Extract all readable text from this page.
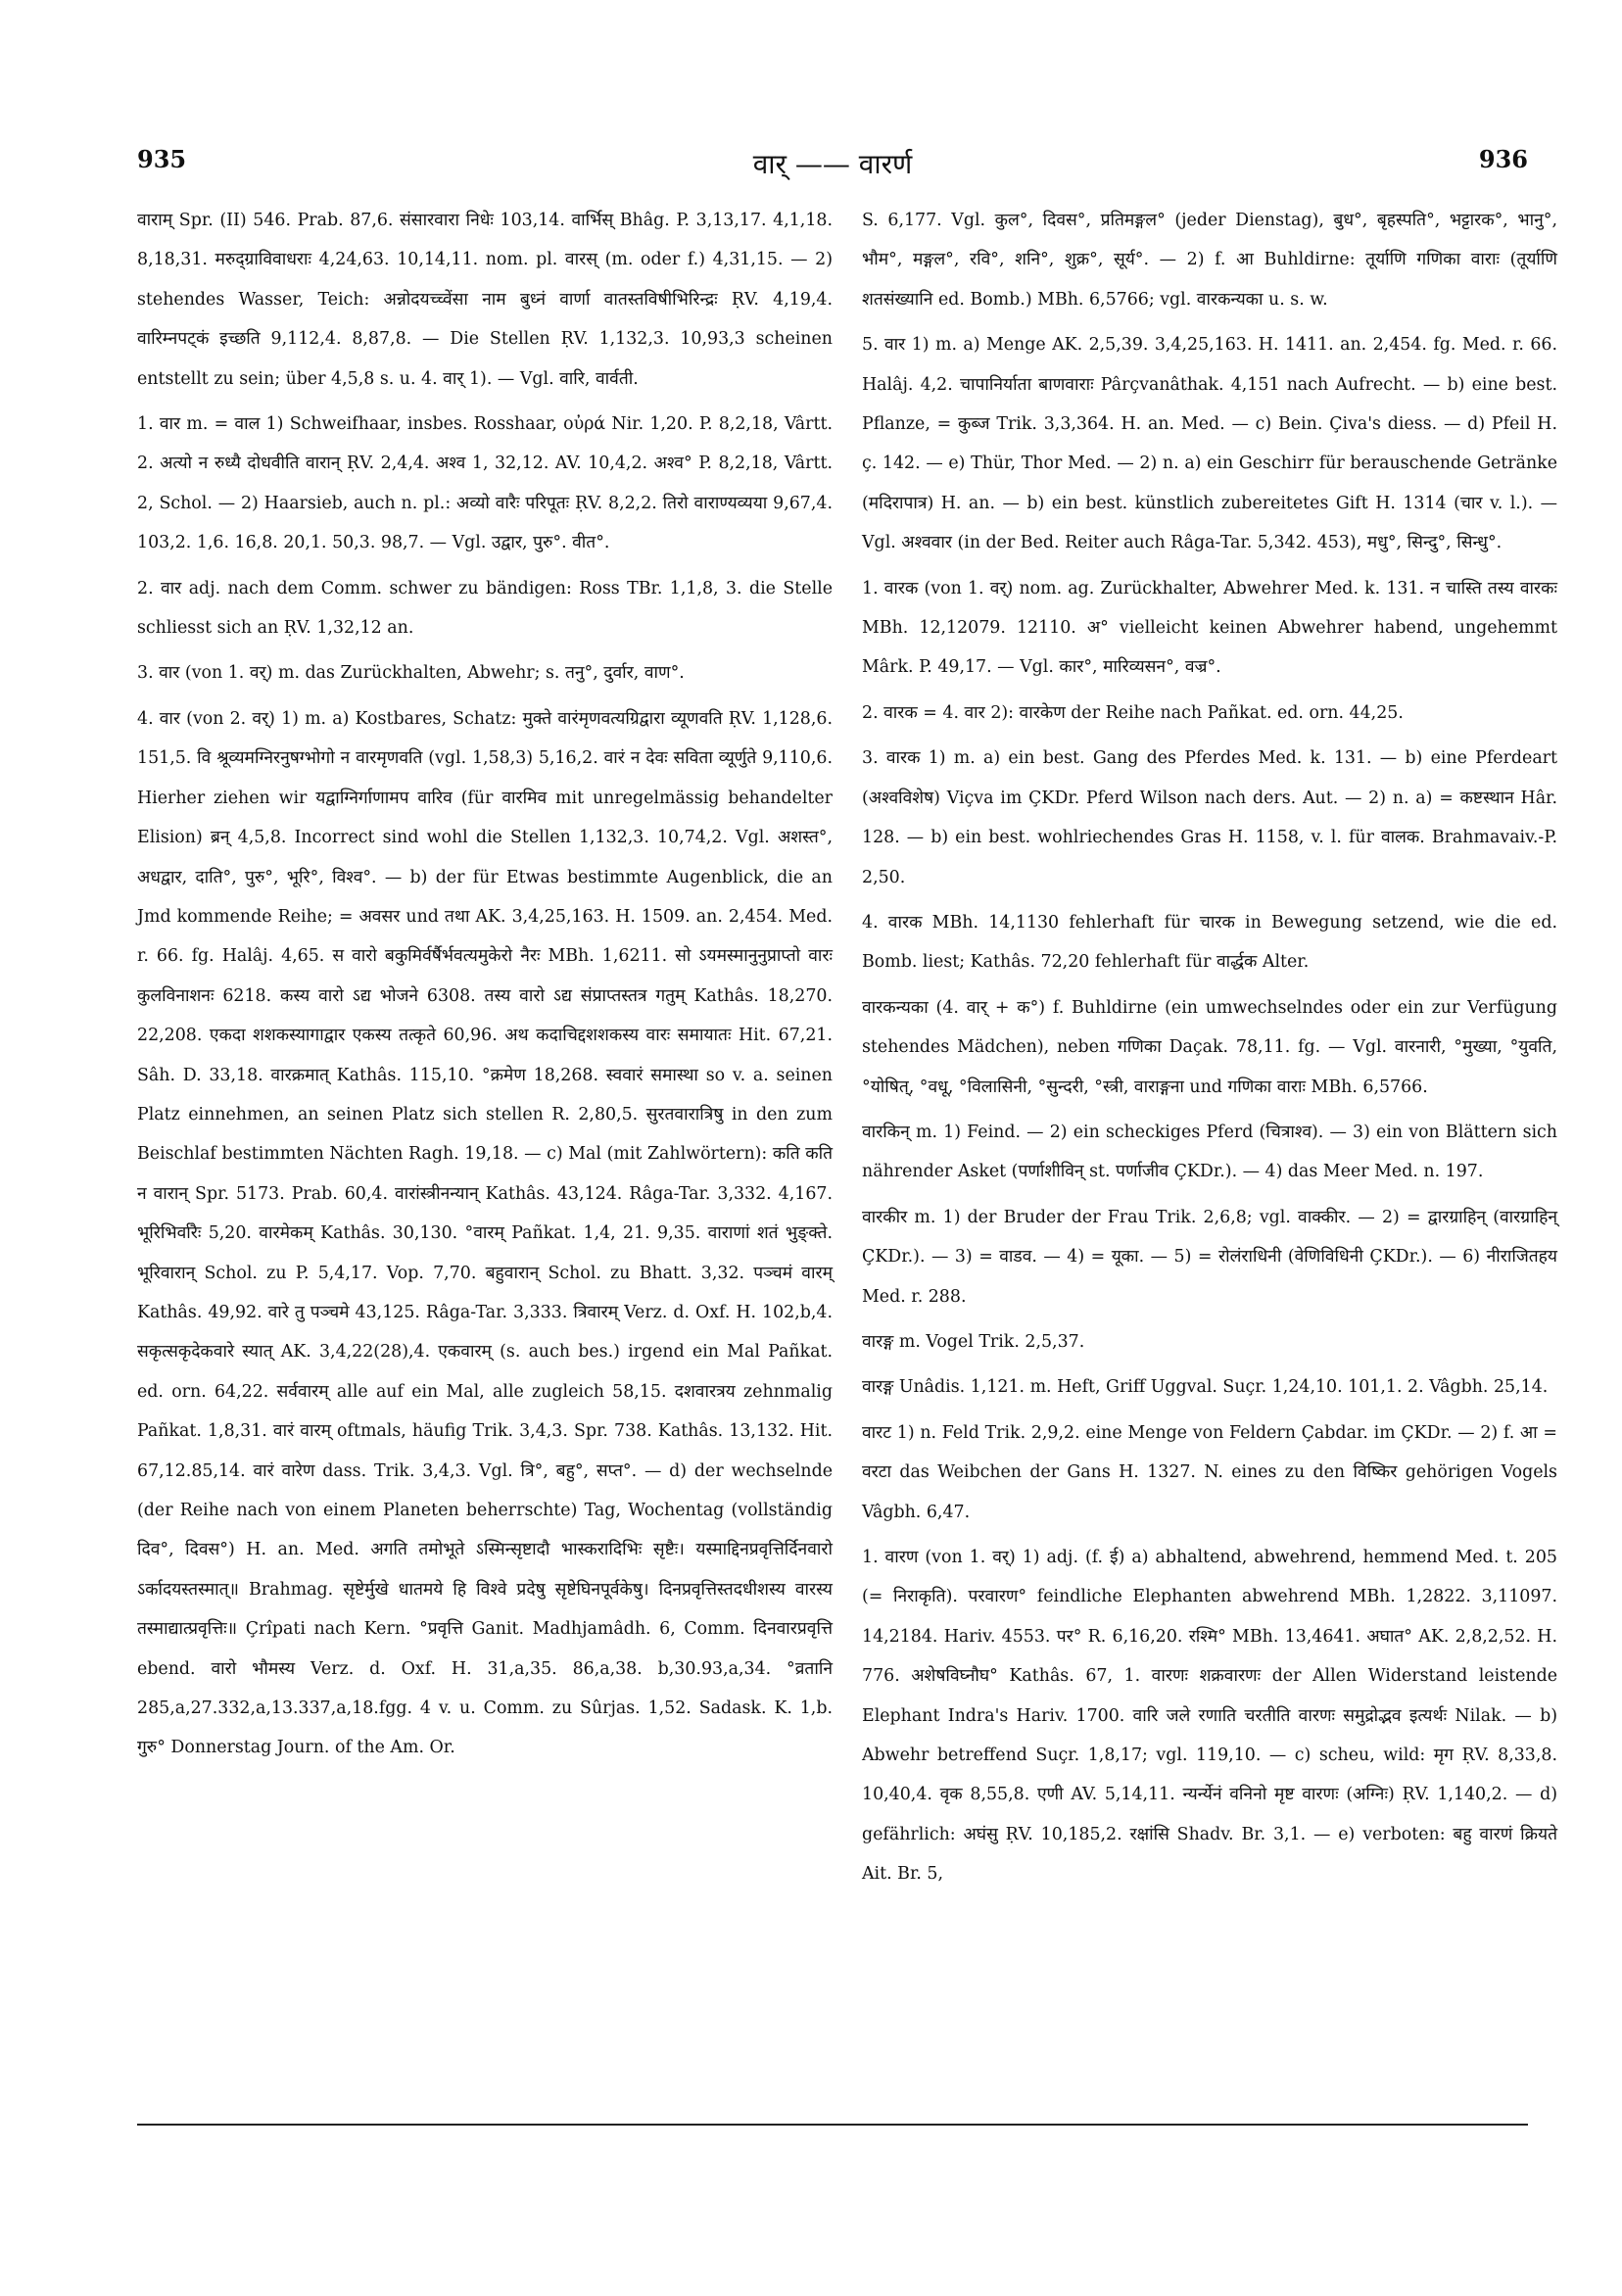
935	वार् —— वारर्ण	936

वाराम् Spr. (II) 546. Prab. 87,6. संसारवारा निधेः 103,14. वार्भिस् Bhâg. P. 3,13,17. 4,1,18. 8,18,31. मरुद्ग्राविवाधराः 4,24,63. 10,14,11. nom. pl. वारस् (m. oder f.) 4,31,15. — 2) stehendes Wasser, Teich: अन्नोदयच्च्वेंसा नाम बुध्नं वार्णा वातस्तविषीभिरिन्द्रः ṚV. 4,19,4. वारिम्नपट्कं इच्छति 9,112,4. 8,87,8. — Die Stellen ṚV. 1,132,3. 10,93,3 scheinen entstellt zu sein; über 4,5,8 s. u. 4. वार् 1). — Vgl. वारि, वार्वती.

1. वार m. = वाल 1) Schweifhaar, insbes. Rosshaar, οὐρά Nir. 1,20. P. 8,2,18, Vârtt. 2. अत्यो न रुध्यै दोधवीति वारान् ṚV. 2,4,4. अश्व 1, 32,12. AV. 10,4,2. अश्व° P. 8,2,18, Vârtt. 2, Schol. — 2) Haarsieb, auch n. pl.: अव्यो वारैः परिपूतः ṚV. 8,2,2. तिरो वाराण्यव्यया 9,67,4. 103,2. 1,6. 16,8. 20,1. 50,3. 98,7. — Vgl. उद्वार, पुरु°. वीत°.

2. वार adj. nach dem Comm. schwer zu bändigen: Ross TBr. 1,1,8, 3. die Stelle schliesst sich an ṚV. 1,32,12 an.

3. वार (von 1. वर्) m. das Zurückhalten, Abwehr; s. तनु°, दुर्वार, वाण°.

4. वार (von 2. वर्) 1) m. a) Kostbares, Schatz: मुक्ते वारंमृणवत्यग्रिद्वारा व्यूणवति ṚV. 1,128,6. 151,5. वि श्रूव्यमग्निरनुषग्भोगो न वारमृणवति (vgl. 1,58,3) 5,16,2. वारं न देवः सविता व्यूर्णुते 9,110,6. Hierher ziehen wir यद्वाग्निर्गाणामप वारिव (für वारमिव mit unregelmässig behandelter Elision) ब्रन् 4,5,8. Incorrect sind wohl die Stellen 1,132,3. 10,74,2. Vgl. अशस्त°, अधद्वार, दाति°, पुरु°, भूरि°, विश्व°. — b) der für Etwas bestimmte Augenblick, die an Jmd kommende Reihe; = अवसर und तथा AK. 3,4,25,163. H. 1509. an. 2,454. Med. r. 66. fg. Halâj. 4,65. स वारो बकुमिर्वर्षैर्भवत्यमुकेरो नैरः MBh. 1,6211. सो ऽयमस्मानुनुप्राप्तो वारः कुलविनाशनः 6218. कस्य वारो ऽद्य भोजने 6308. तस्य वारो ऽद्य संप्राप्तस्तत्र गतुम् Kathâs. 18,270. 22,208. एकदा शशकस्यागाद्वार एकस्य तत्कृते 60,96. अथ कदाचिद्दशशकस्य वारः समायातः Hit. 67,21. Sâh. D. 33,18. वारक्रमात् Kathâs. 115,10. °क्रमेण 18,268. स्ववारं समास्था so v. a. seinen Platz einnehmen, an seinen Platz sich stellen R. 2,80,5. सुरतवारात्रिषु in den zum Beischlaf bestimmten Nächten Ragh. 19,18. — c) Mal (mit Zahlwörtern): कति कति न वारान् Spr. 5173. Prab. 60,4. वारांस्त्रीनन्यान् Kathâs. 43,124. Râga-Tar. 3,332. 4,167. भूरिभिर्वारैः 5,20. वारमेकम् Kathâs. 30,130. °वारम् Pañkat. 1,4, 21. 9,35. वाराणां शतं भुङ्क्ते. भूरिवारान् Schol. zu P. 5,4,17. Vop. 7,70. बहुवारान् Schol. zu Bhatt. 3,32. पञ्चमं वारम् Kathâs. 49,92. वारे तु पञ्चमे 43,125. Râga-Tar. 3,333. त्रिवारम् Verz. d. Oxf. H. 102,b,4. सकृत्सकृदेकवारे स्यात् AK. 3,4,22(28),4. एकवारम् (s. auch bes.) irgend ein Mal Pañkat. ed. orn. 64,22. सर्ववारम् alle auf ein Mal, alle zugleich 58,15. दशवारत्रय zehnmalig Pañkat. 1,8,31. वारं वारम् oftmals, häufig Trik. 3,4,3. Spr. 738. Kathâs. 13,132. Hit. 67,12.85,14. वारं वारेण dass. Trik. 3,4,3. Vgl. त्रि°, बहु°, सप्त°. — d) der wechselnde (der Reihe nach von einem Planeten beherrschte) Tag, Wochentag (vollständig दिव°, दिवस°) H. an. Med. अगति तमोभूते ऽस्मिन्सृष्टादौ भास्करादिभिः सृष्टैः। यस्माद्दिनप्रवृत्तिर्दिनवारो ऽर्कादयस्तस्मात्॥ Brahmag. सृष्टेर्मुखे धातमये हि विश्वे प्रदेषु सृष्टेघिनपूर्वकेषु। दिनप्रवृत्तिस्तदधीशस्य वारस्य तस्माद्यात्प्रवृत्तिः॥ Çrîpati nach Kern. °प्रवृत्ति Ganit. Madhjamâdh. 6, Comm. दिनवारप्रवृत्ति ebend. वारो भौमस्य Verz. d. Oxf. H. 31,a,35. 86,a,38. b,30.93,a,34. °व्रतानि 285,a,27.332,a,13.337,a,18.fgg. 4 v. u. Comm. zu Sûrjas. 1,52. Sadask. K. 1,b. गुरु° Donnerstag Journ. of the Am. Or.

S. 6,177. Vgl. कुल°, दिवस°, प्रतिमङ्गल° (jeder Dienstag), बुध°, बृहस्पति°, भट्टारक°, भानु°, भौम°, मङ्गल°, रवि°, शनि°, शुक्र°, सूर्य°. — 2) f. आ Buhldirne: तूर्याणि गणिका वाराः (तूर्याणि शतसंख्यानि ed. Bomb.) MBh. 6,5766; vgl. वारकन्यका u. s. w.

5. वार 1) m. a) Menge AK. 2,5,39. 3,4,25,163. H. 1411. an. 2,454. fg. Med. r. 66. Halâj. 4,2. चापानिर्याता बाणवाराः Pârçvanâthak. 4,151 nach Aufrecht. — b) eine best. Pflanze, = कुब्ज Trik. 3,3,364. H. an. Med. — c) Bein. Çiva's diess. — d) Pfeil H. ç. 142. — e) Thür, Thor Med. — 2) n. a) ein Geschirr für berauschende Getränke (मदिरापात्र) H. an. — b) ein best. künstlich zubereitetes Gift H. 1314 (चार v. l.). — Vgl. अश्ववार (in der Bed. Reiter auch Râga-Tar. 5,342. 453), मधु°, सिन्दु°, सिन्धु°.

1. वारक (von 1. वर्) nom. ag. Zurückhalter, Abwehrer Med. k. 131. न चास्ति तस्य वारकः MBh. 12,12079. 12110. अ° vielleicht keinen Abwehrer habend, ungehemmt Mârk. P. 49,17. — Vgl. कार°, मारिव्यसन°, वज्र°.

2. वारक = 4. वार 2): वारकेण der Reihe nach Pañkat. ed. orn. 44,25.

3. वारक 1) m. a) ein best. Gang des Pferdes Med. k. 131. — b) eine Pferdeart (अश्वविशेष) Viçva im ÇKDr. Pferd Wilson nach ders. Aut. — 2) n. a) = कष्टस्थान Hâr. 128. — b) ein best. wohlriechendes Gras H. 1158, v. l. für वालक. Brahmavaiv.-P. 2,50.

4. वारक MBh. 14,1130 fehlerhaft für चारक in Bewegung setzend, wie die ed. Bomb. liest; Kathâs. 72,20 fehlerhaft für वार्द्धक Alter.

वारकन्यका (4. वार् + क°) f. Buhldirne (ein umwechselndes oder ein zur Verfügung stehendes Mädchen), neben गणिका Daçak. 78,11. fg. — Vgl. वारनारी, °मुख्या, °युवति, °योषित्, °वधू, °विलासिनी, °सुन्दरी, °स्त्री, वाराङ्गना und गणिका वाराः MBh. 6,5766.

वारकिन् m. 1) Feind. — 2) ein scheckiges Pferd (चित्राश्व). — 3) ein von Blättern sich nährender Asket (पर्णाशीविन् st. पर्णाजीव ÇKDr.). — 4) das Meer Med. n. 197.

वारकीर m. 1) der Bruder der Frau Trik. 2,6,8; vgl. वाक्कीर. — 2) = द्वारग्राहिन् (वारग्राहिन् ÇKDr.). — 3) = वाडव. — 4) = यूका. — 5) = रोलंराधिनी (वेणिविधिनी ÇKDr.). — 6) नीराजितहय Med. r. 288.

वारङ्ग m. Vogel Trik. 2,5,37.

वारङ्ग Unâdis. 1,121. m. Heft, Griff Uggval. Suçr. 1,24,10. 101,1. 2. Vâgbh. 25,14.

वारट 1) n. Feld Trik. 2,9,2. eine Menge von Feldern Çabdar. im ÇKDr. — 2) f. आ = वरटा das Weibchen der Gans H. 1327. N. eines zu den विष्किर gehörigen Vogels Vâgbh. 6,47.

1. वारण (von 1. वर्) 1) adj. (f. ई) a) abhaltend, abwehrend, hemmend Med. t. 205 (= निराकृति). परवारण° feindliche Elephanten abwehrend MBh. 1,2822. 3,11097. 14,2184. Hariv. 4553. पर° R. 6,16,20. रश्मि° MBh. 13,4641. अघात° AK. 2,8,2,52. H. 776. अशेषविघ्नौघ° Kathâs. 67, 1. वारणः शक्रवारणः der Allen Widerstand leistende Elephant Indra's Hariv. 1700. वारि जले रणाति चरतीति वारणः समुद्रोद्भव इत्यर्थः Nilak. — b) Abwehr betreffend Suçr. 1,8,17; vgl. 119,10. — c) scheu, wild: मृग ṚV. 8,33,8. 10,40,4. वृक 8,55,8. एणी AV. 5,14,11. न्यर्न्येनं वनिनो मृष्ट वारणः (अग्निः) ṚV. 1,140,2. — d) gefährlich: अघंसु ṚV. 10,185,2. रक्षांसि Shadv. Br. 3,1. — e) verboten: बहु वारणं क्रियते Ait. Br. 5,
